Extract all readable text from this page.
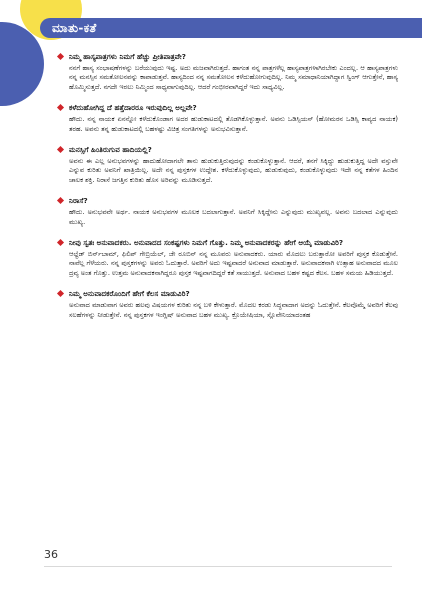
ಮಾತು-ಕತೆ
ನಿಮ್ಮ ಹಾಸ್ಯಪಾತ್ರಗಳು ನಿಮಗೆ ಹೆಚ್ಚು ಪ್ರೀತಿಪಾತ್ರವೇ?
ನನಗೆ ಹಾಸ್ಯ ಸಂಭಾಷಣೆಗಳನ್ನು ಬರೆಯುವುದು ಇಷ್ಟ. ಅದು ಮಜವಾಗಿರುತ್ತದೆ. ಹಾಗಂತ ನನ್ನ ಪಾತ್ರಗಳೆಲ್ಲ ಹಾಸ್ಯಪಾತ್ರಗಳಾಗಿರಬೇಕು ಎಂದಲ್ಲ. ಆ ಹಾಸ್ಯಪಾತ್ರಗಳು ನನ್ನ ಮನಸ್ಸಿನ ಸಮತೋಲನವನ್ನು ಕಾಪಾಡುತ್ತವೆ. ಹಾಸ್ಯದಿಂದ ನನ್ನ ಸಮತೋಲನ ಕಳೆದುಹೋಗುವುದಿಲ್ಲ. ನಿಮ್ಮ ಸಮಾಧಾನಿಯಾಗಿದ್ದಾಗ ಸ್ವಿಂಗ್ ಆಗುತ್ತೇನೆ, ಹಾಸ್ಯ ಹೊಮ್ಮಿಸುತ್ತದೆ. ನಗದೇ ಇರಲು ನಿಮ್ಮಿಂದ ಸಾಧ್ಯವಾಗುವುದಿಲ್ಲ. ಆದರೆ ಗಂಭೀರವಾಗಿದ್ದರೆ ಇದು ಸಾಧ್ಯವಿಲ್ಲ.
ಕಳೆದುಹೋಗಿದ್ದ ದೆ ಹತ್ತೆದಾರರೂ ಇರುವುದಿಲ್ಲ ಅಲ್ಲವೇ?
ಹೌದು. ನನ್ನ ನಾಯಕ ಏನನ್ನೋ ಕಳೆದುಕೊಂಡಾಗ ಅದರ ಹುಡುಕಾಟದಲ್ಲಿ ತೊಡಗಿಕೊಳ್ಳುತ್ತಾನೆ. ಅವನು ಒಡಿಸ್ಸಿಯಸ್ (ಹೋಮರನ ಒಡಿಸ್ಸಿ ಕಾವ್ಯದ ನಾಯಕ) ತರಹ. ಅವನು ತನ್ನ ಹುಡುಕಾಟದಲ್ಲಿ ಬಹಳಷ್ಟು ವಿಚಿತ್ರ ಸಂಗತಿಗಳನ್ನು ಅನುಭವಿಸುತ್ತಾನೆ.
ಮನಸ್ಸಿಗೆ ಹಿಂತಿರುಗುವ ಹಾದಿಯಲ್ಲಿ?
ಅವನು ಈ ಎಲ್ಲ ಅನುಭವಗಳನ್ನು ಹಾದುಹೋದಾಗಲೇ ತಾನು ಹುಡುಕುತ್ತಿರುವುದನ್ನು ಕಂಡುಕೊಳ್ಳುತ್ತಾನೆ. ಆದರೆ, ತನಗೆ ಸಿಕ್ಕಿದ್ದು ಹುಡುಕುತ್ತಿದ್ದ ಅದೇ ವಸ್ತುವೇ ಎನ್ನುವ ಕುರಿತು ಅವನಿಗೆ ಖಾತ್ರಿಯಿಲ್ಲ. ಅದೇ ನನ್ನ ಪುಸ್ತಕಗಳ ಉದ್ದೇಶ. ಕಳೆದುಕೊಳ್ಳುವುದು, ಹುಡುಕುವುದು, ಕಂಡುಕೊಳ್ಳುವುದು ಇದೇ ನನ್ನ ಕತೆಗಳ ಹಿಂದಿನ ಚಾಲಕ ಶಕ್ತಿ. ನಿರಾಸೆ ಜಗತ್ತಿನ ಕುರಿತು ಹೊಸ ಅರಿವನ್ನು ಮೂಡಿಸುತ್ತದೆ.
ನಿರಾಸೆ?
ಹೌದು. ಅನುಭವವೇ ಅರ್ಥ. ನಾಯಕ ಅನುಭವಗಳ ಮೂಲಕ ಬದಲಾಗುತ್ತಾನೆ. ಅವನಿಗೆ ಸಿಕ್ಕಿದ್ದೇನು ಎನ್ನುವುದು ಮುಖ್ಯವಲ್ಲ. ಅವನು ಬದಲಾದ ಎನ್ನುವುದು ಮುಖ್ಯ.
ನೀವು ಸ್ವತಃ ಅನುವಾದಕರು. ಅನುವಾದದ ಸಂಕಷ್ಟಗಳು ನಿಮಗೆ ಗೊತ್ತು. ನಿಮ್ಮ ಅನುವಾದಕರನ್ನು ಹೇಗೆ ಆಯ್ಕೆ ಮಾಡುವಿರಿ?
ಆಲ್ಫ್ರೆಡ್ ಬಿರ್ನ್‌ಬಾಮ್, ಫಿಲಿಪ್ ಗೇಬ್ರಿಯೆಲ್, ಜೇ ರೂಬಿನ್ ನನ್ನ ಮೂವರು ಅನುವಾದಕರು. ಯಾರು ಮೊದಲು ಬರುತ್ತಾರೋ ಅವರಿಗೆ ಪುಸ್ತಕ ಕೊಡುತ್ತೇನೆ. ನಾವೆಲ್ಲ ಗೆಳೆಯರು. ನನ್ನ ಪುಸ್ತಕಗಳನ್ನು ಅವರು ಓದುತ್ತಾರೆ. ಅವರಿಗೆ ಅದು ಇಷ್ಟವಾದರೆ ಅನುವಾದ ಮಾಡುತ್ತಾರೆ. ಅನುವಾದಕನಾಗಿ ಉತ್ಸಾಹ ಅನುವಾದದ ಮೂಲ ದ್ರವ್ಯ ಅಂತ ಗೊತ್ತು. ಉತ್ತಮ ಅನುವಾದಕನಾಗಿದ್ದರೂ ಪುಸ್ತಕ ಇಷ್ಟವಾಗದಿದ್ದರೆ ಕತೆ ಸಾಯುತ್ತದೆ. ಅನುವಾದ ಬಹಳ ಕಷ್ಟದ ಕೆಲಸ. ಬಹಳ ಸಮಯ ಹಿಡಿಯುತ್ತದೆ.
ನಿಮ್ಮ ಅನುವಾದಕರೊಂದಿಗೆ ಹೇಗೆ ಕೆಲಸ ಮಾಡುವಿರಿ?
ಅನುವಾದ ಮಾಡುವಾಗ ಅವರು ಹಲವು ವಿಷಯಗಳ ಕುರಿತು ನನ್ನ ಬಳಿ ಕೇಳುತ್ತಾರೆ. ಮೊದಲ ಕರಡು ಸಿದ್ಧವಾದಾಗ ಅದನ್ನು ಓದುತ್ತೇನೆ. ಕೆಲವೊಮ್ಮೆ ಅವರಿಗೆ ಕೆಲವು ಸಲಹೆಗಳನ್ನು ನೀಡುತ್ತೇನೆ. ನನ್ನ ಪುಸ್ತಕಗಳ ಇಂಗ್ಲಿಷ್ ಅನುವಾದ ಬಹಳ ಮುಖ್ಯ. ಕ್ರೊಯೇಷಿಯಾ, ಸ್ಲೊವೇನಿಯಾದಂತಹ
36
